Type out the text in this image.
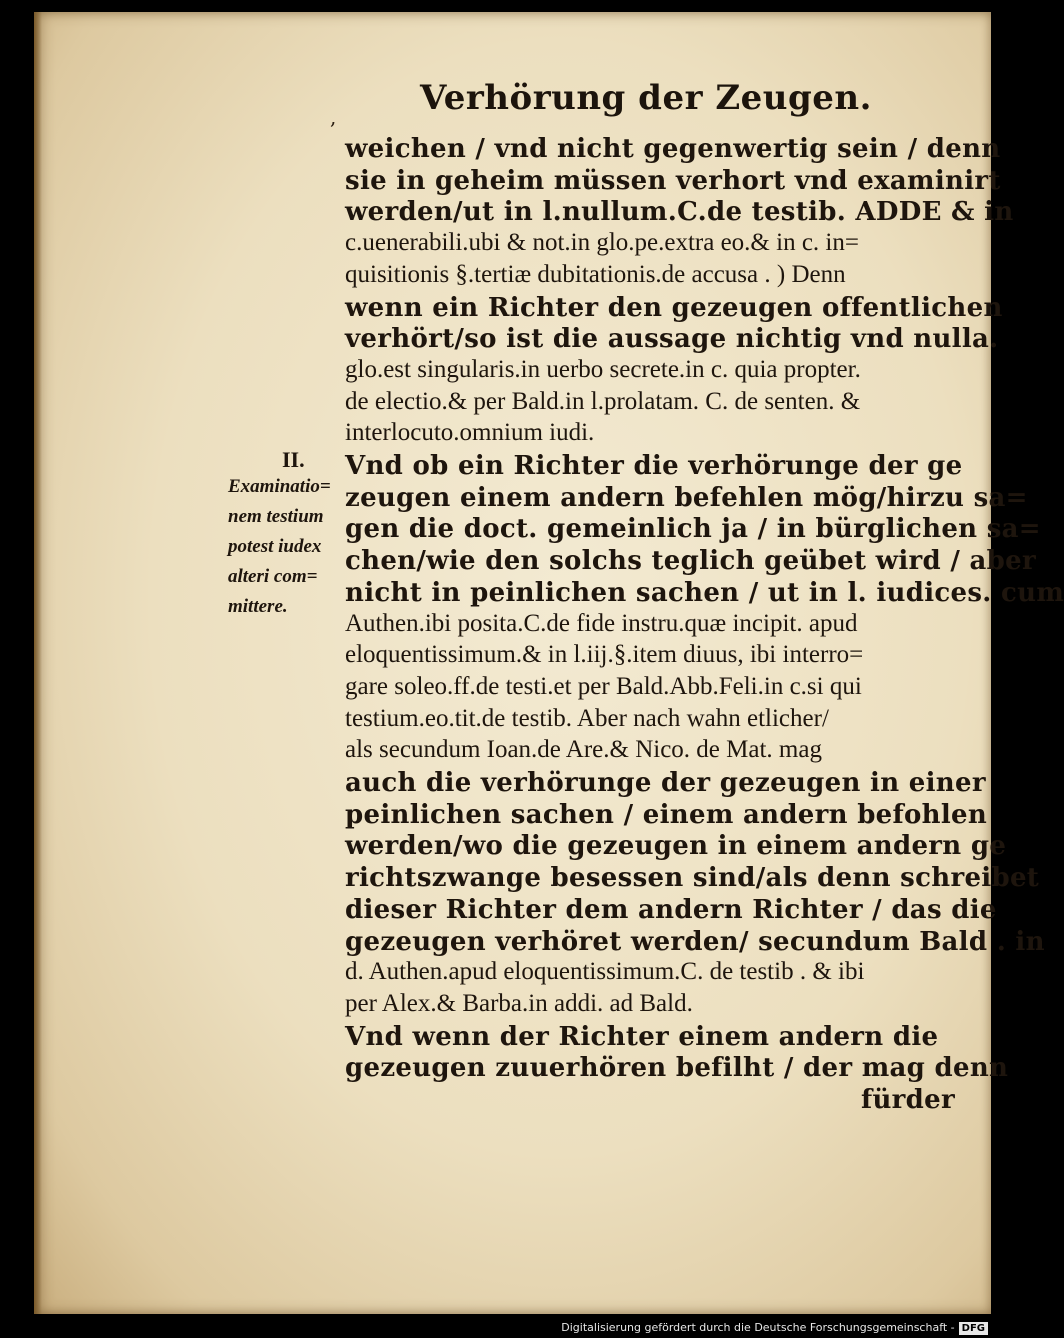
, Verhörung der Zeugen.
II.
Examinatio=
nem testium
potest iudex
alteri com=
mittere.
weichen / vnd nicht gegenwertig sein / denn
sie in geheim müssen verhort vnd examinirt
werden/ut in l.nullum.C.de testib. ADDE & in
c.uenerabili.ubi & not.in glo.pe.extra eo.& in c. in=
quisitionis §.tertiæ dubitationis.de accusa . ) Denn
wenn ein Richter den gezeugen offentlichen
verhört/so ist die aussage nichtig vnd nulla.
glo.est singularis.in uerbo secrete.in c. quia propter.
de electio.& per Bald.in l.prolatam. C. de senten. &
interlocuto.omnium iudi.
Vnd ob ein Richter die verhörunge der ge
zeugen einem andern befehlen mög/hirzu sa=
gen die doct. gemeinlich ja / in bürglichen sa=
chen/wie den solchs teglich geübet wird / aber
nicht in peinlichen sachen / ut in l. iudices. cum
Authen.ibi posita.C.de fide instru.quæ incipit. apud
eloquentissimum.& in l.iij.§.item diuus, ibi interro=
gare soleo.ff.de testi.et per Bald.Abb.Feli.in c.si qui
testium.eo.tit.de testib. Aber nach wahn etlicher/
als secundum Ioan.de Are.& Nico. de Mat. mag
auch die verhörunge der gezeugen in einer
peinlichen sachen / einem andern befohlen
werden/wo die gezeugen in einem andern ge
richtszwange besessen sind/als denn schreibet
dieser Richter dem andern Richter / das die
gezeugen verhöret werden/ secundum Bald . in
d. Authen.apud eloquentissimum.C. de testib . & ibi
per Alex.& Barba.in addi. ad Bald.
Vnd wenn der Richter einem andern die
gezeugen zuuerhören befilht / der mag denn
fürder
Digitalisierung gefördert durch die Deutsche Forschungsgemeinschaft - DFG
